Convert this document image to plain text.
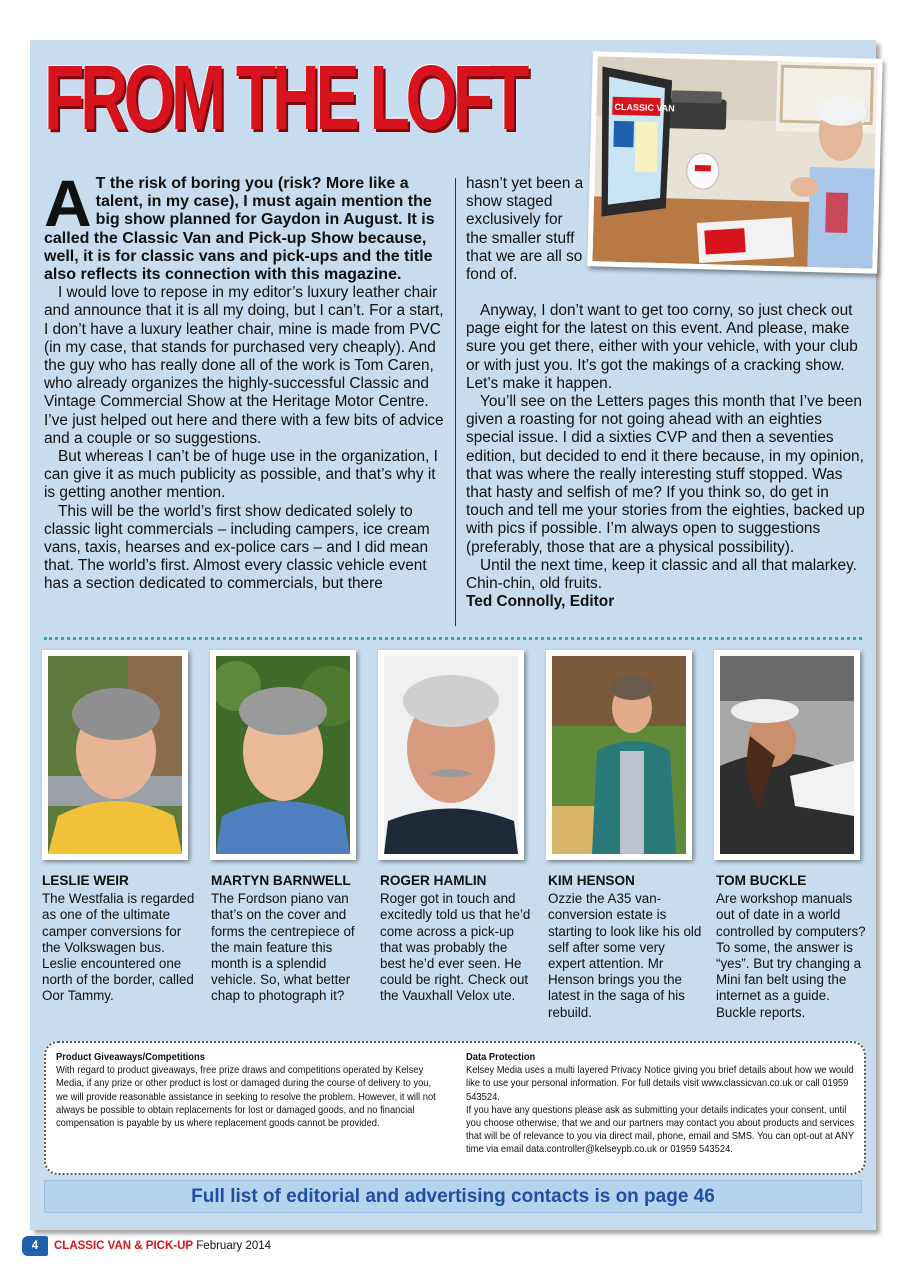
FROM THE LOFT	CLASSIC VAN
A T the risk of boring you (risk? More like a talent, in my case), I must again mention the big show planned for Gaydon in August. It is called the Classic Van and Pick-up Show because, well, it is for classic vans and pick-ups and the title also reflects its connection with this magazine.

I would love to repose in my editor’s luxury leather chair and announce that it is all my doing, but I can’t. For a start, I don’t have a luxury leather chair, mine is made from PVC (in my case, that stands for purchased very cheaply). And the guy who has really done all of the work is Tom Caren, who already organizes the highly-successful Classic and Vintage Commercial Show at the Heritage Motor Centre. I’ve just helped out here and there with a few bits of advice and a couple or so suggestions.

But whereas I can’t be of huge use in the organization, I can give it as much publicity as possible, and that’s why it is getting another mention.

This will be the world’s first show dedicated solely to classic light commercials – including campers, ice cream vans, taxis, hearses and ex-police cars – and I did mean that. The world’s first. Almost every classic vehicle event has a section dedicated to commercials, but there

hasn’t yet been a show staged exclusively for the smaller stuff that we are all so fond of.

Anyway, I don’t want to get too corny, so just check out page eight for the latest on this event. And please, make sure you get there, either with your vehicle, with your club or with just you. It’s got the makings of a cracking show. Let’s make it happen.

You’ll see on the Letters pages this month that I’ve been given a roasting for not going ahead with an eighties special issue. I did a sixties CVP and then a seventies edition, but decided to end it there because, in my opinion, that was where the really interesting stuff stopped. Was that hasty and selfish of me? If you think so, do get in touch and tell me your stories from the eighties, backed up with pics if possible. I’m always open to suggestions (preferably, those that are a physical possibility).

Until the next time, keep it classic and all that malarkey. Chin-chin, old fruits.

Ted Connolly, Editor

LESLIE WEIR
The Westfalia is regarded as one of the ultimate camper conversions for the Volkswagen bus. Leslie encountered one north of the border, called Oor Tammy.
MARTYN BARNWELL
The Fordson piano van that’s on the cover and forms the centrepiece of the main feature this month is a splendid vehicle. So, what better chap to photograph it?
ROGER HAMLIN
Roger got in touch and excitedly told us that he’d come across a pick-up that was probably the best he’d ever seen. He could be right. Check out the Vauxhall Velox ute.
KIM HENSON
Ozzie the A35 van-conversion estate is starting to look like his old self after some very expert attention. Mr Henson brings you the latest in the saga of his rebuild.
TOM BUCKLE
Are workshop manuals out of date in a world controlled by computers? To some, the answer is “yes”. But try changing a Mini fan belt using the internet as a guide. Buckle reports.
Product Giveaways/Competitions
With regard to product giveaways, free prize draws and competitions operated by Kelsey Media, if any prize or other product is lost or damaged during the course of delivery to you, we will provide reasonable assistance in seeking to resolve the problem. However, it will not always be possible to obtain replacements for lost or damaged goods, and no financial compensation is payable by us where replacement goods cannot be provided.
Data Protection
Kelsey Media uses a multi layered Privacy Notice giving you brief details about how we would like to use your personal information. For full details visit www.classicvan.co.uk or call 01959 543524.
If you have any questions please ask as submitting your details indicates your consent, until you choose otherwise, that we and our partners may contact you about products and services that will be of relevance to you via direct mail, phone, email and SMS. You can opt-out at ANY time via email data.controller@kelseypb.co.uk or 01959 543524.
Full list of editorial and advertising contacts is on page 46
4 CLASSIC VAN & PICK-UP February 2014
